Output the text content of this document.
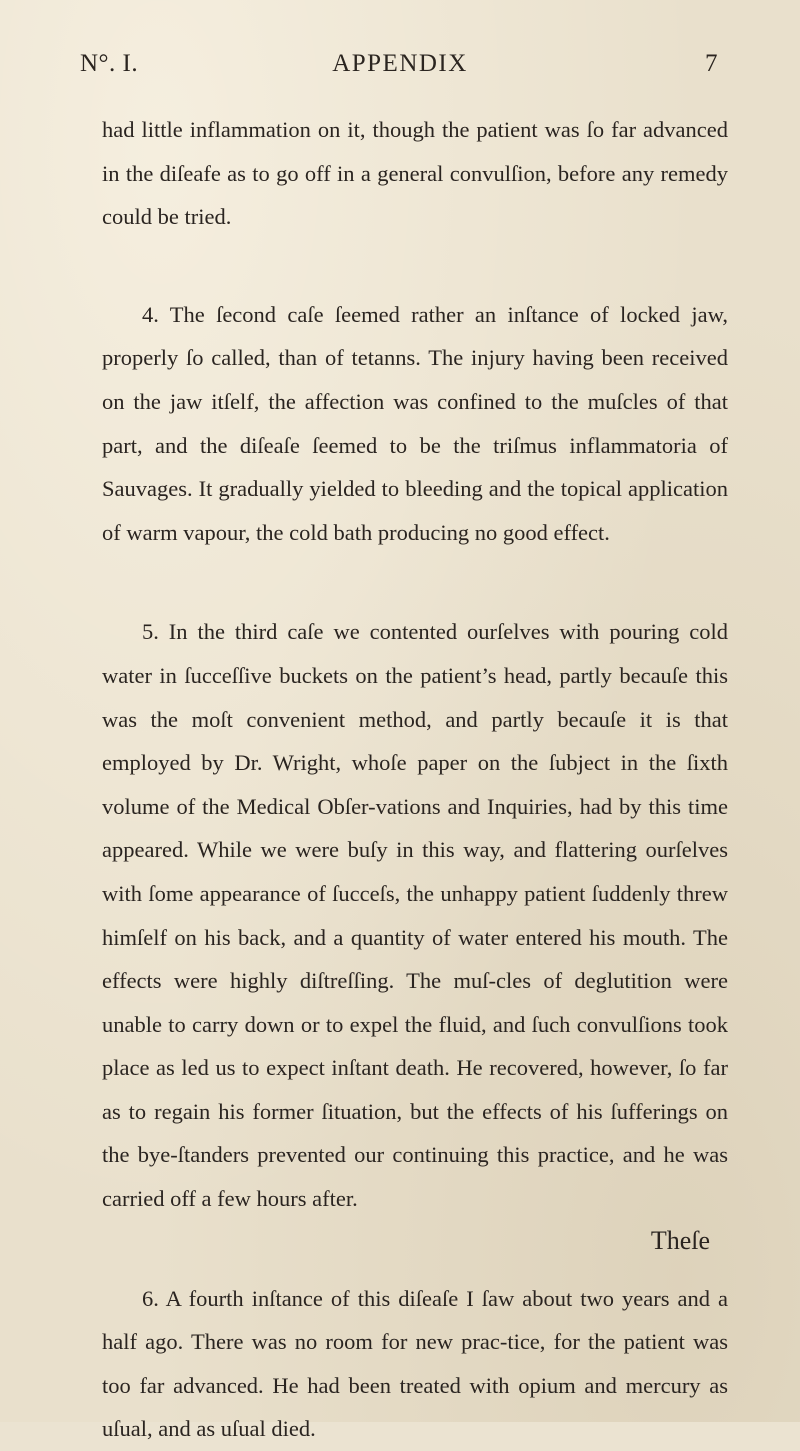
N°. I.	APPENDIX	7

had little inflammation on it, though the patient was ſo far advanced in the diſeafe as to go off in a general convulſion, before any remedy could be tried.

4. The ſecond caſe ſeemed rather an inſtance of locked jaw, properly ſo called, than of tetanns. The injury having been received on the jaw itſelf, the affection was confined to the muſcles of that part, and the diſeaſe ſeemed to be the triſmus inflammatoria of Sauvages. It gradually yielded to bleeding and the topical application of warm vapour, the cold bath producing no good effect.

5. In the third caſe we contented ourſelves with pouring cold water in ſucceſſive buckets on the patient’s head, partly becauſe this was the moſt convenient method, and partly becauſe it is that employed by Dr. Wright, whoſe paper on the ſubject in the ſixth volume of the Medical Obſer-vations and Inquiries, had by this time appeared. While we were buſy in this way, and flattering ourſelves with ſome appearance of ſucceſs, the unhappy patient ſuddenly threw himſelf on his back, and a quantity of water entered his mouth. The effects were highly diſtreſſing. The muſ-cles of deglutition were unable to carry down or to expel the fluid, and ſuch convulſions took place as led us to expect inſtant death. He recovered, however, ſo far as to regain his former ſituation, but the effects of his ſufferings on the bye-ſtanders prevented our continuing this practice, and he was carried off a few hours after.

6. A fourth inſtance of this diſeaſe I ſaw about two years and a half ago. There was no room for new prac-tice, for the patient was too far advanced. He had been treated with opium and mercury as uſual, and as uſual died.

Theſe
